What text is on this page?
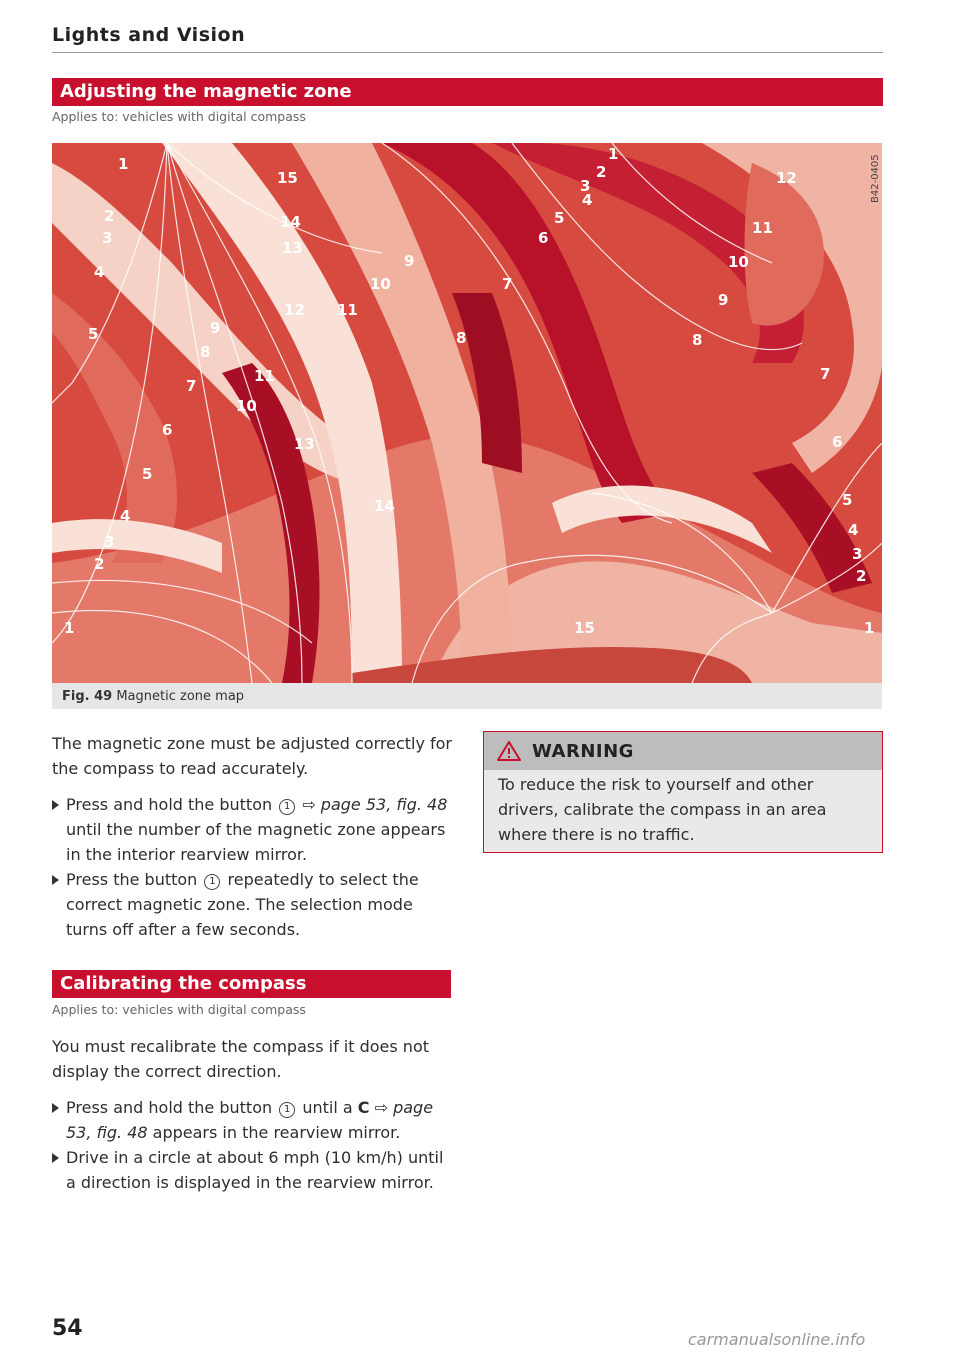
Lights and Vision
Adjusting the magnetic zone
Applies to: vehicles with digital compass
1
2
3
4
5
15
14
13
12 11
10
9
8
7
6
5
4
3
2
1
12
11
10
9
8
7
6
5
4
3
2
1
9
8
7
6
5
4
3
2
1
11
10
13
14
15
B42-0405
Fig. 49 Magnetic zone map
The magnetic zone must be adjusted correctly for the compass to read accurately.
Press and hold the button 1 ⇨ page 53, fig. 48 until the number of the magnetic zone appears in the interior rearview mirror.
Press the button 1 repeatedly to select the correct magnetic zone. The selection mode turns off after a few seconds.
Calibrating the compass
Applies to: vehicles with digital compass
You must recalibrate the compass if it does not display the correct direction.
Press and hold the button 1 until a C ⇨ page 53, fig. 48 appears in the rearview mirror.
Drive in a circle at about 6 mph (10 km/h) until a direction is displayed in the rearview mirror.
WARNING
To reduce the risk to yourself and other drivers, calibrate the compass in an area where there is no traffic.
54	carmanualsonline.info
